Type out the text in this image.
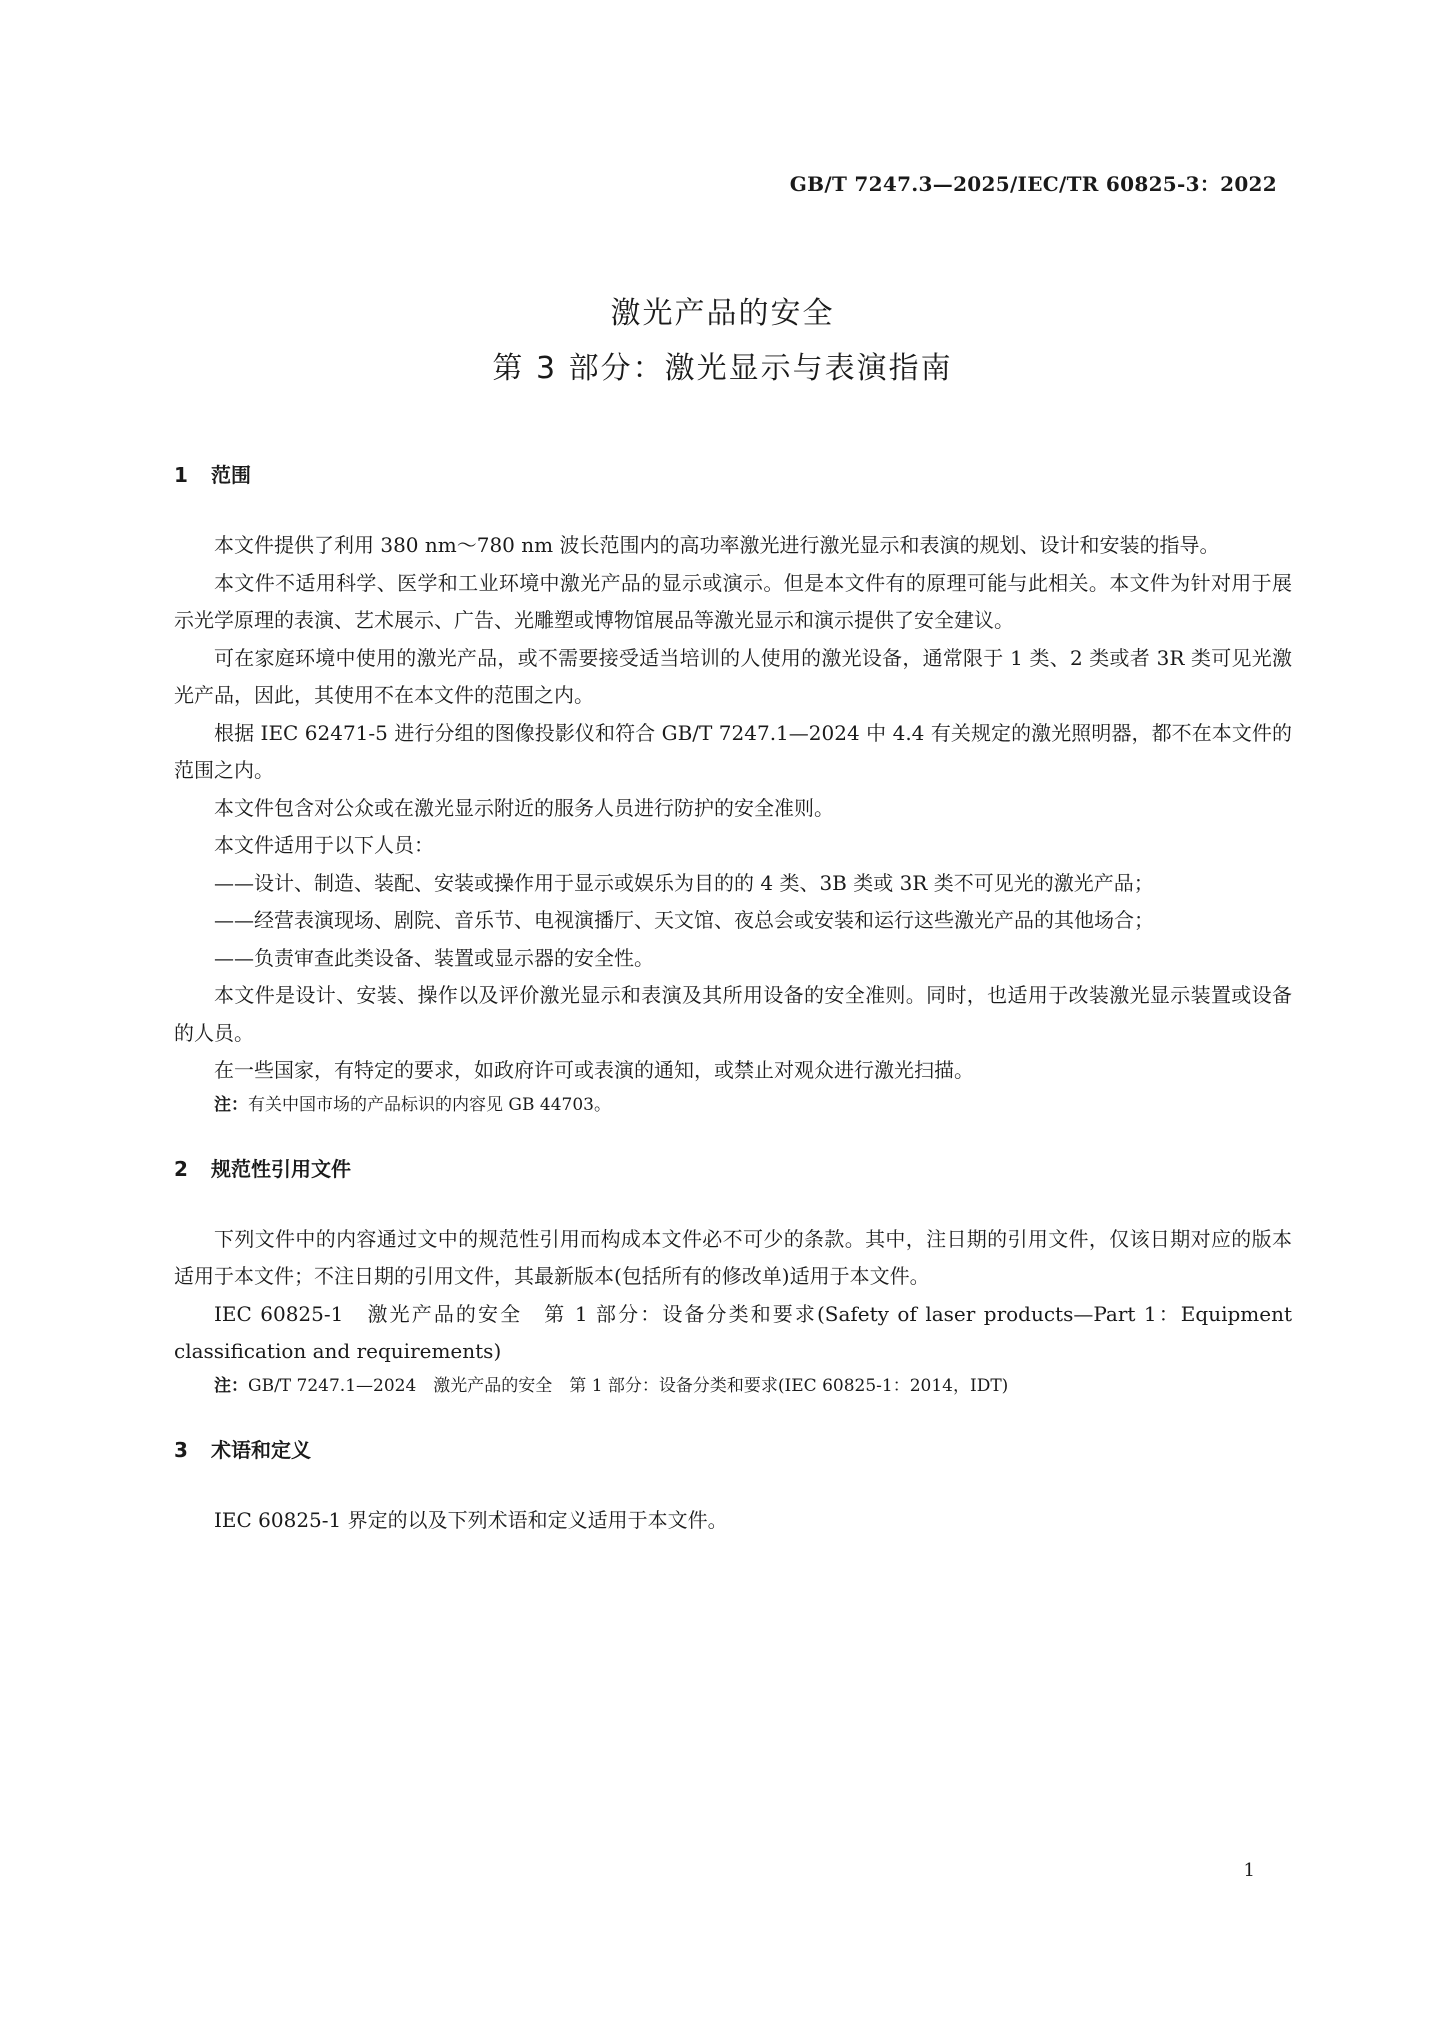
GB/T 7247.3—2025/IEC/TR 60825-3：2022
激光产品的安全
第 3 部分：激光显示与表演指南
1 范围

本文件提供了利用 380 nm～780 nm 波长范围内的高功率激光进行激光显示和表演的规划、设计和安装的指导。

本文件不适用科学、医学和工业环境中激光产品的显示或演示。但是本文件有的原理可能与此相关。本文件为针对用于展示光学原理的表演、艺术展示、广告、光雕塑或博物馆展品等激光显示和演示提供了安全建议。

可在家庭环境中使用的激光产品，或不需要接受适当培训的人使用的激光设备，通常限于 1 类、2 类或者 3R 类可见光激光产品，因此，其使用不在本文件的范围之内。

根据 IEC 62471-5 进行分组的图像投影仪和符合 GB/T 7247.1—2024 中 4.4 有关规定的激光照明器，都不在本文件的范围之内。

本文件包含对公众或在激光显示附近的服务人员进行防护的安全准则。

本文件适用于以下人员：

——设计、制造、装配、安装或操作用于显示或娱乐为目的的 4 类、3B 类或 3R 类不可见光的激光产品；

——经营表演现场、剧院、音乐节、电视演播厅、天文馆、夜总会或安装和运行这些激光产品的其他场合；

——负责审查此类设备、装置或显示器的安全性。

本文件是设计、安装、操作以及评价激光显示和表演及其所用设备的安全准则。同时，也适用于改装激光显示装置或设备的人员。

在一些国家，有特定的要求，如政府许可或表演的通知，或禁止对观众进行激光扫描。

注：有关中国市场的产品标识的内容见 GB 44703。

2 规范性引用文件

下列文件中的内容通过文中的规范性引用而构成本文件必不可少的条款。其中，注日期的引用文件，仅该日期对应的版本适用于本文件；不注日期的引用文件，其最新版本(包括所有的修改单)适用于本文件。

IEC 60825-1　激光产品的安全　第 1 部分：设备分类和要求(Safety of laser products—Part 1：Equipment classification and requirements)

注：GB/T 7247.1—2024　激光产品的安全　第 1 部分：设备分类和要求(IEC 60825-1：2014，IDT)

3 术语和定义

IEC 60825-1 界定的以及下列术语和定义适用于本文件。

1
